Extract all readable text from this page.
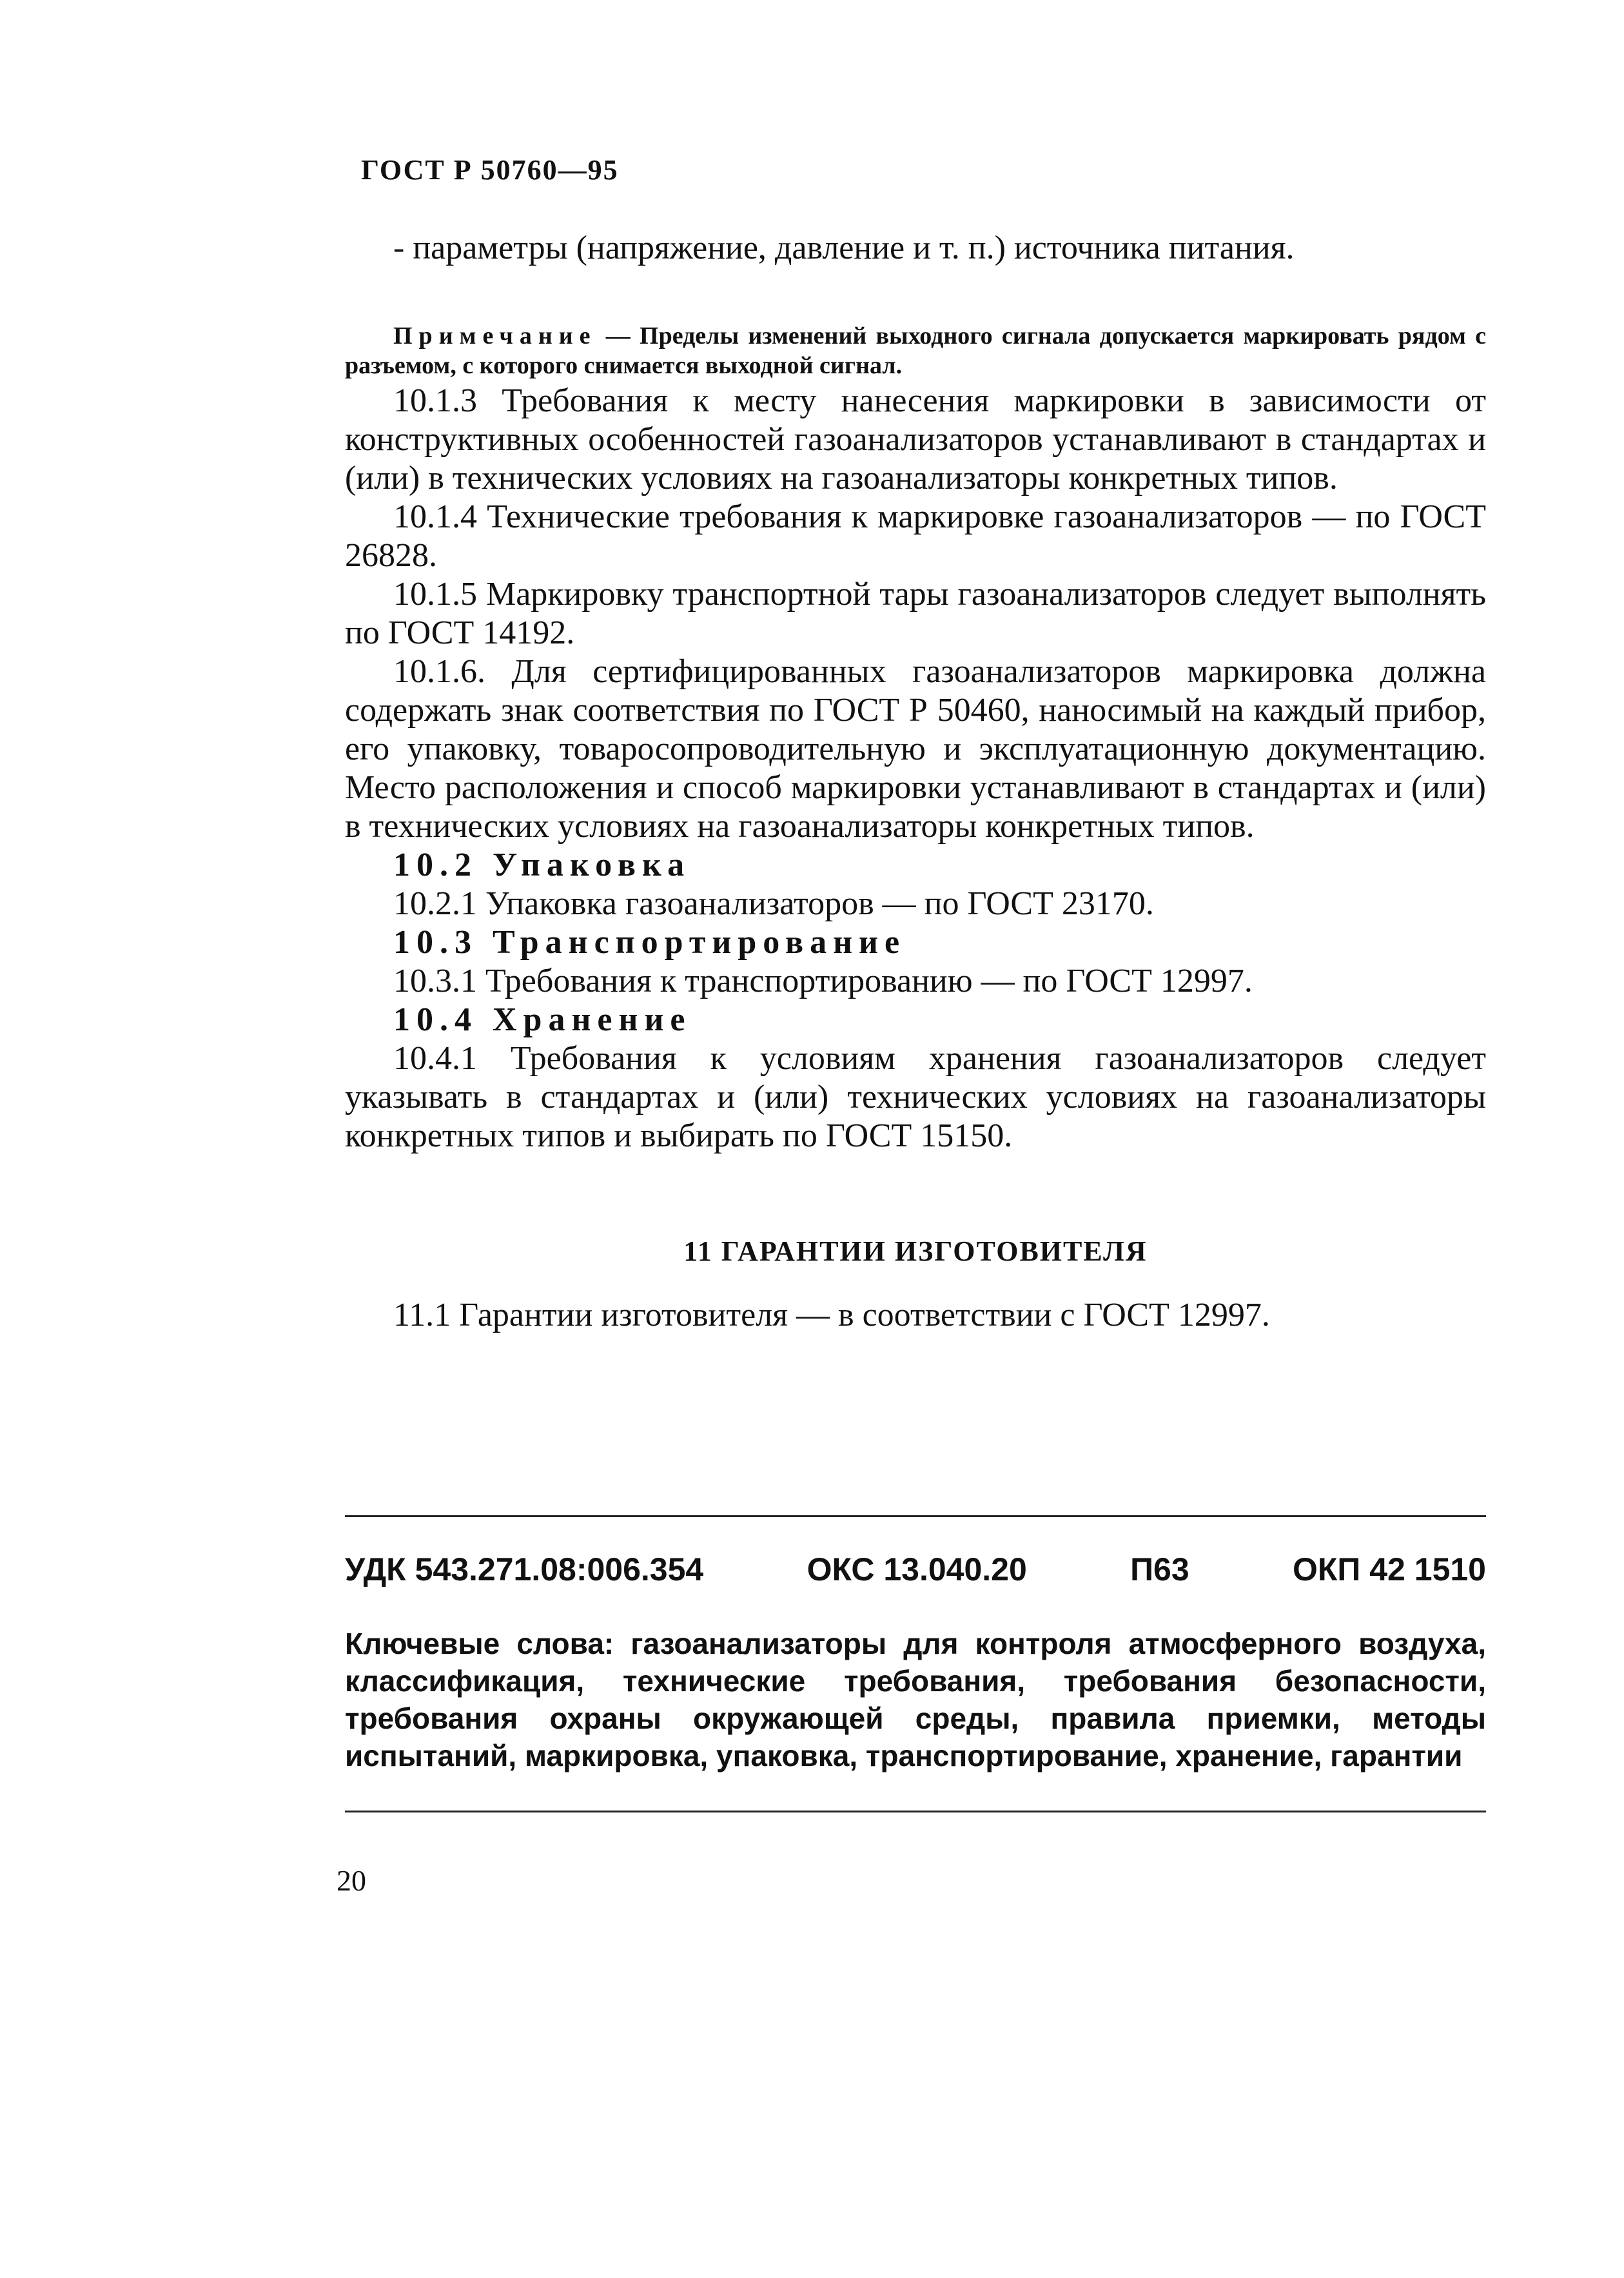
ГОСТ Р 50760—95

- параметры (напряжение, давление и т. п.) источника питания.

Примечание — Пределы изменений выходного сигнала допускается маркировать рядом с разъемом, с которого снимается выходной сигнал.

10.1.3 Требования к месту нанесения маркировки в зависимости от конструктивных особенностей газоанализаторов устанавливают в стандартах и (или) в технических условиях на газоанализаторы конкретных типов.

10.1.4 Технические требования к маркировке газоанализаторов — по ГОСТ 26828.

10.1.5 Маркировку транспортной тары газоанализаторов следует выполнять по ГОСТ 14192.

10.1.6. Для сертифицированных газоанализаторов маркировка должна содержать знак соответствия по ГОСТ Р 50460, наносимый на каждый прибор, его упаковку, товаросопроводительную и эксплуатационную документацию. Место расположения и способ маркировки устанавливают в стандартах и (или) в технических условиях на газоанализаторы конкретных типов.

10.2 Упаковка

10.2.1 Упаковка газоанализаторов — по ГОСТ 23170.

10.3 Транспортирование

10.3.1 Требования к транспортированию — по ГОСТ 12997.

10.4 Хранение

10.4.1 Требования к условиям хранения газоанализаторов следует указывать в стандартах и (или) технических условиях на газоанализаторы конкретных типов и выбирать по ГОСТ 15150.

11 ГАРАНТИИ ИЗГОТОВИТЕЛЯ

11.1 Гарантии изготовителя — в соответствии с ГОСТ 12997.

УДК 543.271.08:006.354	ОКС 13.040.20	П63	ОКП 42 1510
Ключевые слова: газоанализаторы для контроля атмосферного воздуха, классификация, технические требования, требования безопасности, требования охраны окружающей среды, правила приемки, методы испытаний, маркировка, упаковка, транспортирование, хранение, гарантии
20
